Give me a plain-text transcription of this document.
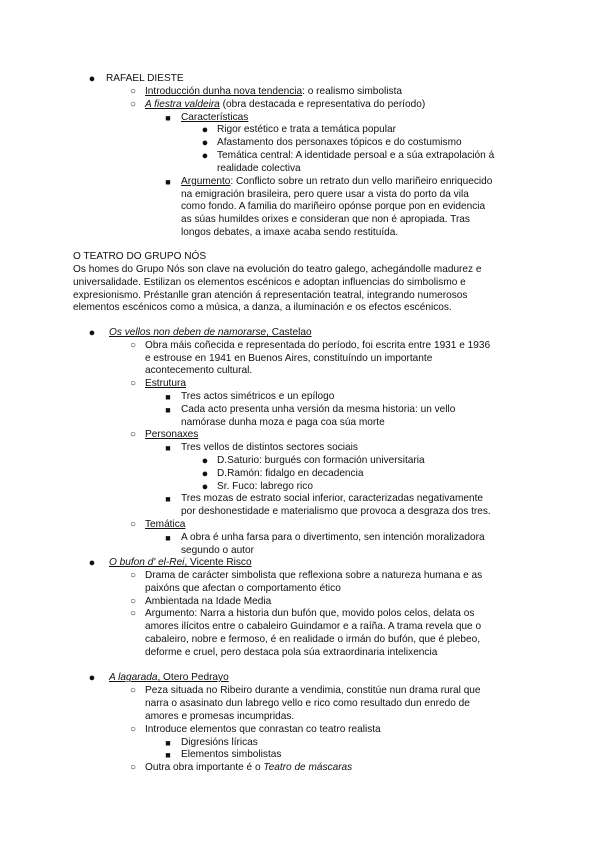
● RAFAEL DIESTE
○ Introducción dunha nova tendencia: o realismo simbolista
○ A fiestra valdeira (obra destacada e representativa do período)
■	Características
● Rigor estético e trata a temática popular
● Afastamento dos personaxes tópicos e do costumismo
● Temática central: A identidade persoal e a súa extrapolación á
realidade colectiva
■	Argumento: Conflicto sobre un retrato dun vello mariñeiro enriquecido
na emigración brasileira, pero quere usar a vista do porto da vila
como fondo. A familia do mariñeiro opónse porque pon en evidencia
as súas humildes orixes e consideran que non é apropiada. Tras
longos debates, a imaxe acaba sendo restituída.
O TEATRO DO GRUPO NÓS
Os homes do Grupo Nós son clave na evolución do teatro galego, achegándolle madurez e
universalidade. Estilizan os elementos escénicos e adoptan influencias do simbolismo e
expresionismo. Préstanlle gran atención á representación teatral, integrando numerosos
elementos escénicos como a música, a danza, a iluminación e os efectos escénicos.
● Os vellos non deben de namorarse, Castelao
○ Obra máis coñecida e representada do período, foi escrita entre 1931 e 1936
e estrouse en 1941 en Buenos Aires, constituíndo un importante
acontecemento cultural.
○ Estrutura
■	Tres actos simétricos e un epílogo
■	Cada acto presenta unha versión da mesma historia: un vello
namórase dunha moza e paga coa súa morte
○ Personaxes
■	Tres vellos de distintos sectores sociais
● D.Saturio: burgués con formación universitaria
● D.Ramón: fidalgo en decadencia
● Sr. Fuco: labrego rico
■	Tres mozas de estrato social inferior, caracterizadas negativamente
por deshonestidade e materialismo que provoca a desgraza dos tres.
○ Temática
■	A obra é unha farsa para o divertimento, sen intención moralizadora
segundo o autor
● O bufon d' el-Rei, Vicente Risco
○ Drama de carácter simbolista que reflexiona sobre a natureza humana e as
paixóns que afectan o comportamento ético
○ Ambientada na Idade Media
○ Argumento: Narra a historia dun bufón que, movido polos celos, delata os
amores ilícitos entre o cabaleiro Guindamor e a raíña. A trama revela que o
cabaleiro, nobre e fermoso, é en realidade o irmán do bufón, que é plebeo,
deforme e cruel, pero destaca pola súa extraordinaria intelixencia
● A lagarada, Otero Pedrayo
○ Peza situada no Ribeiro durante a vendimia, constitúe nun drama rural que
narra o asasinato dun labrego vello e rico como resultado dun enredo de
amores e promesas incumpridas.
○ Introduce elementos que conrastan co teatro realista
■	Digresións líricas
■	Elementos simbolistas
○ Outra obra importante é o Teatro de máscaras
